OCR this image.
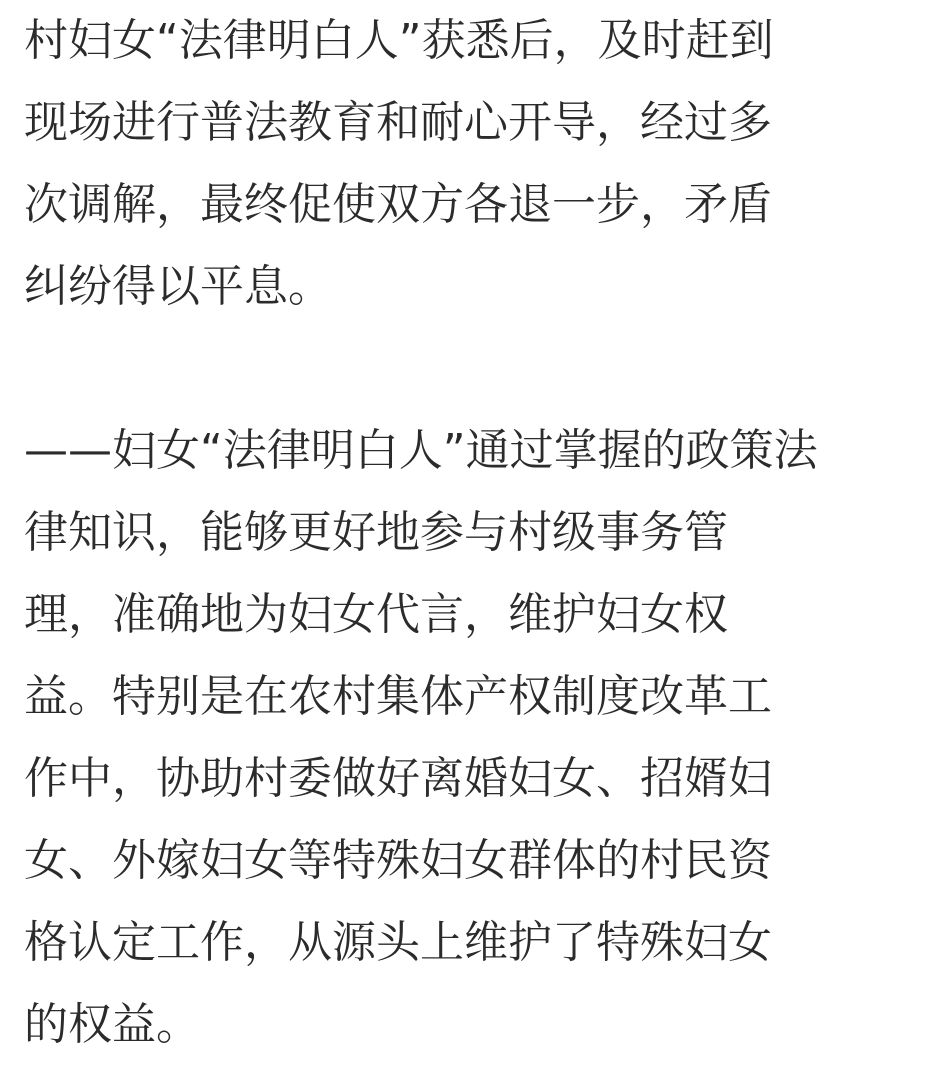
村妇女“法律明白人”获悉后，及时赶到
现场进行普法教育和耐心开导，经过多
次调解，最终促使双方各退一步，矛盾
纠纷得以平息。
——妇女“法律明白人”通过掌握的政策法
律知识，能够更好地参与村级事务管
理，准确地为妇女代言，维护妇女权
益。特别是在农村集体产权制度改革工
作中，协助村委做好离婚妇女、招婿妇
女、外嫁妇女等特殊妇女群体的村民资
格认定工作，从源头上维护了特殊妇女
的权益。
